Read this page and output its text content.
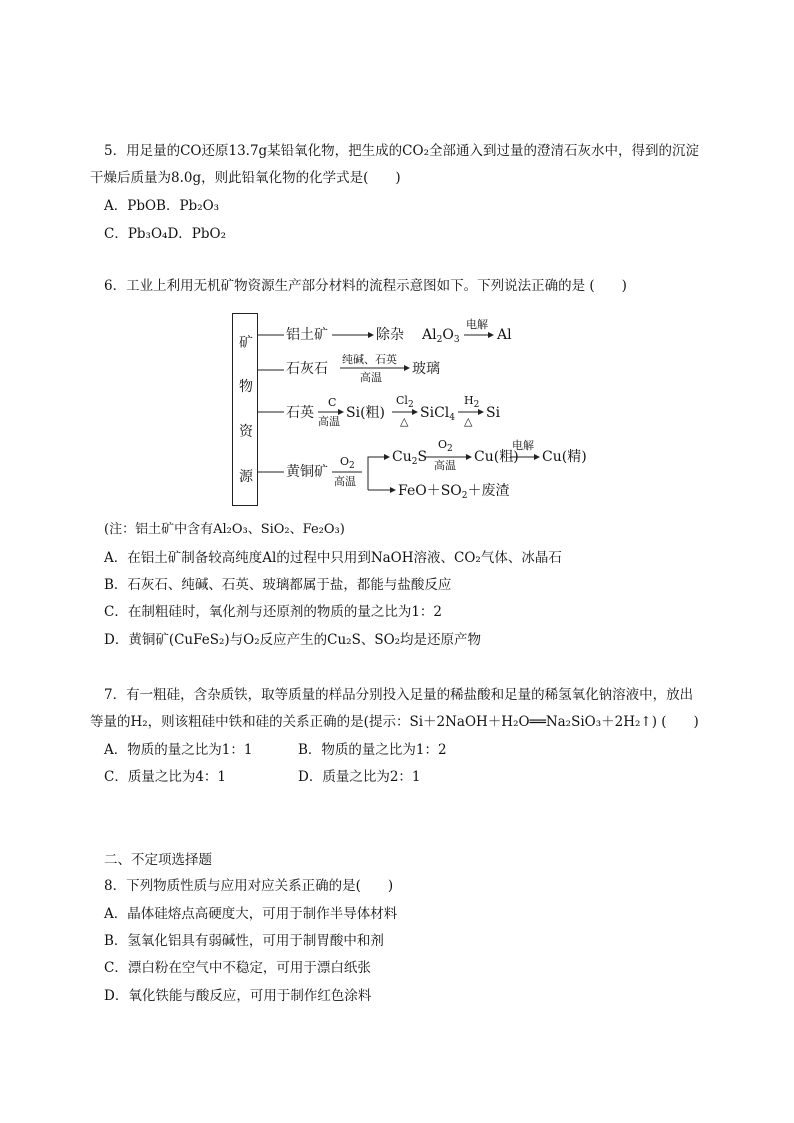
5．用足量的CO还原13.7g某铅氧化物，把生成的CO₂全部通入到过量的澄清石灰水中，得到的沉淀
干燥后质量为8.0g，则此铅氧化物的化学式是(　　)
A．PbOB．Pb₂O₃
C．Pb₃O₄D．PbO₂
6．工业上利用无机矿物资源生产部分材料的流程示意图如下。下列说法正确的是 (　　)
矿
物
资
源
铝土矿	除杂 $Al_2O_3$
电解
Al
石灰石
纯碱、石英
高温
玻璃
石英
C
高温
Si(粗)
$Cl_2$
△
SiCl$_4$
$H_2$
△
Si
黄铜矿
$O_2$
高温
$Cu_2S$
$O_2$
高温
Cu(粗)
电解
Cu(精)
$FeO+SO_2+$废渣
(注：铝土矿中含有Al₂O₃、SiO₂、Fe₂O₃)
A．在铝土矿制备较高纯度Al的过程中只用到NaOH溶液、CO₂气体、冰晶石
B．石灰石、纯碱、石英、玻璃都属于盐，都能与盐酸反应
C．在制粗硅时，氧化剂与还原剂的物质的量之比为1：2
D．黄铜矿(CuFeS₂)与O₂反应产生的Cu₂S、SO₂均是还原产物
7．有一粗硅，含杂质铁，取等质量的样品分别投入足量的稀盐酸和足量的稀氢氧化钠溶液中，放出
等量的H₂，则该粗硅中铁和硅的关系正确的是(提示：Si＋2NaOH＋H₂O══Na₂SiO₃＋2H₂↑) (　　)
A．物质的量之比为1：1	B．物质的量之比为1：2
C．质量之比为4：1	D．质量之比为2：1
二、不定项选择题
8．下列物质性质与应用对应关系正确的是(　　)
A．晶体硅熔点高硬度大，可用于制作半导体材料
B．氢氧化铝具有弱碱性，可用于制胃酸中和剂
C．漂白粉在空气中不稳定，可用于漂白纸张
D．氧化铁能与酸反应，可用于制作红色涂料
